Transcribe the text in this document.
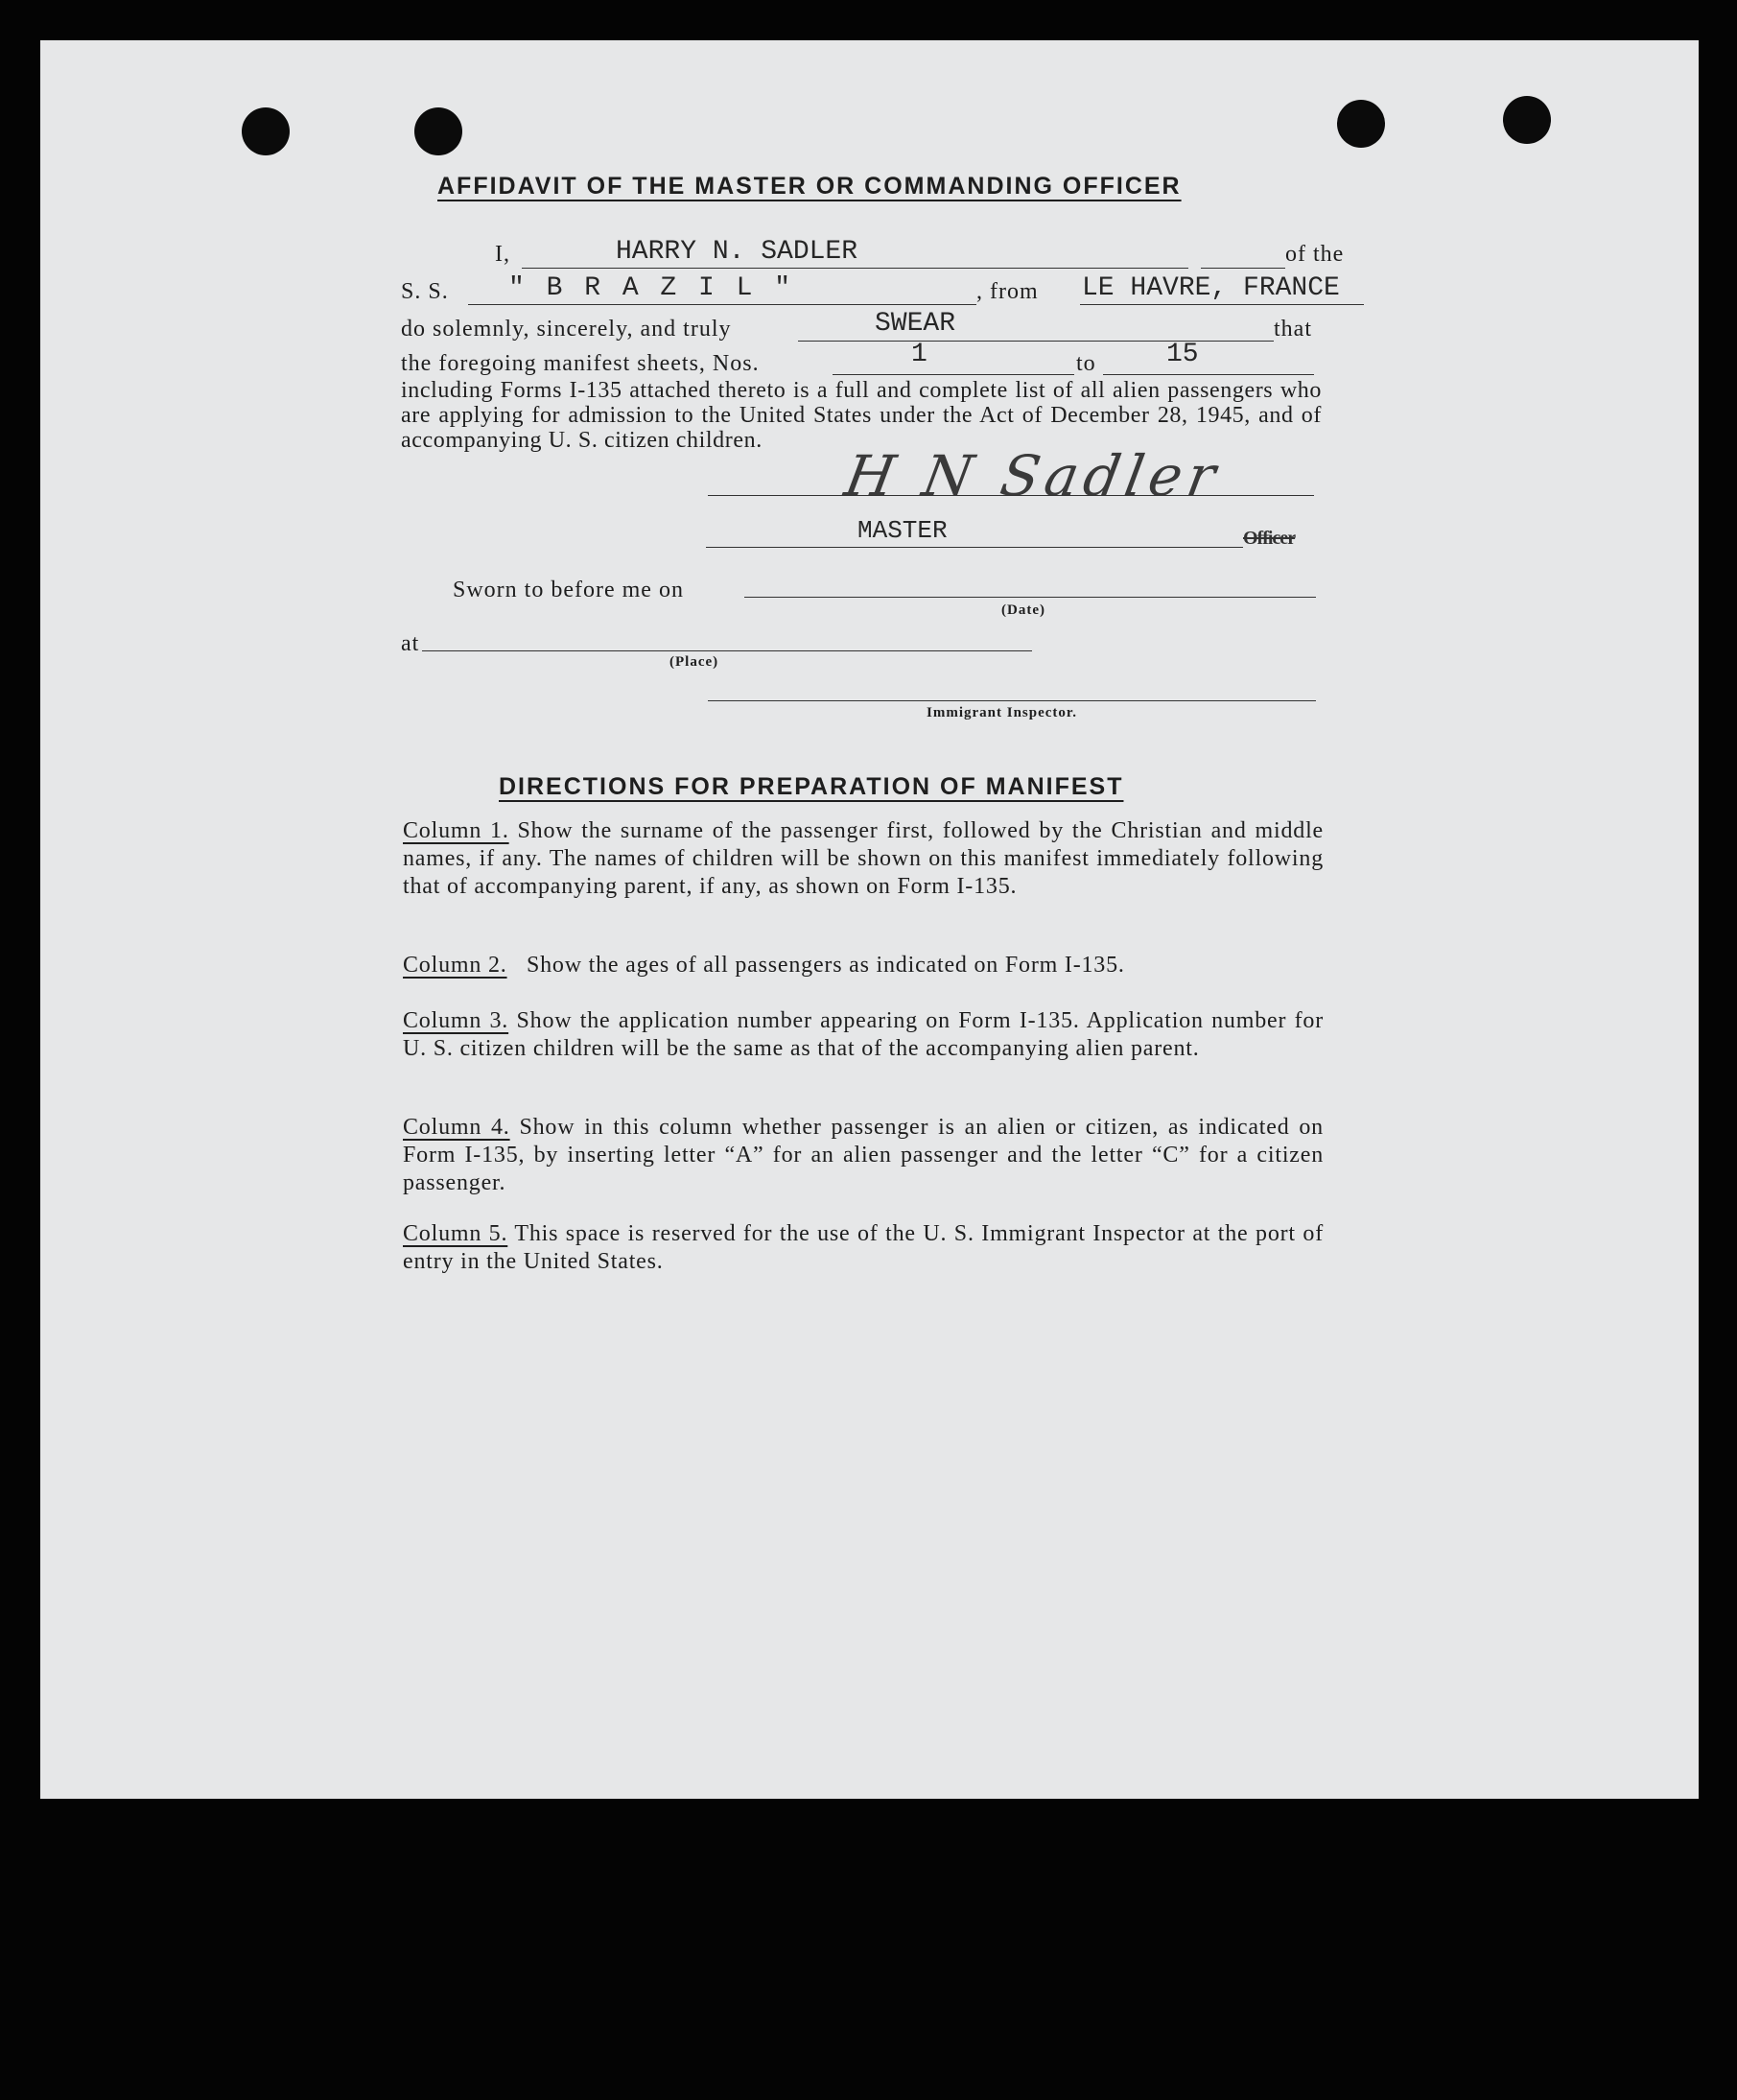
AFFIDAVIT OF THE MASTER OR COMMANDING OFFICER
I,	HARRY N. SADLER	of the
S. S. " B R A Z I L "	, from LE HAVRE, FRANCE
do solemnly, sincerely, and truly	SWEAR	that
the foregoing manifest sheets, Nos.	1	to	15
including Forms I-135 attached thereto is a full and complete list of all alien passengers who are applying for admission to the United States under the Act of December 28, 1945, and of accompanying U. S. citizen children.
H N Sadler
MASTER	Officer
Sworn to before me on
(Date)
at
(Place)
Immigrant Inspector.
DIRECTIONS FOR PREPARATION OF MANIFEST

Column 1. Show the surname of the passenger first, followed by the Christian and middle names, if any. The names of children will be shown on this manifest immediately following that of accompanying parent, if any, as shown on Form I-135.

Column 2. Show the ages of all passengers as indicated on Form I-135.

Column 3. Show the application number appearing on Form I-135. Application number for U. S. citizen children will be the same as that of the accompanying alien parent.

Column 4. Show in this column whether passenger is an alien or citizen, as indicated on Form I-135, by inserting letter “A” for an alien passenger and the letter “C” for a citizen passenger.

Column 5. This space is reserved for the use of the U. S. Immigrant Inspector at the port of entry in the United States.
